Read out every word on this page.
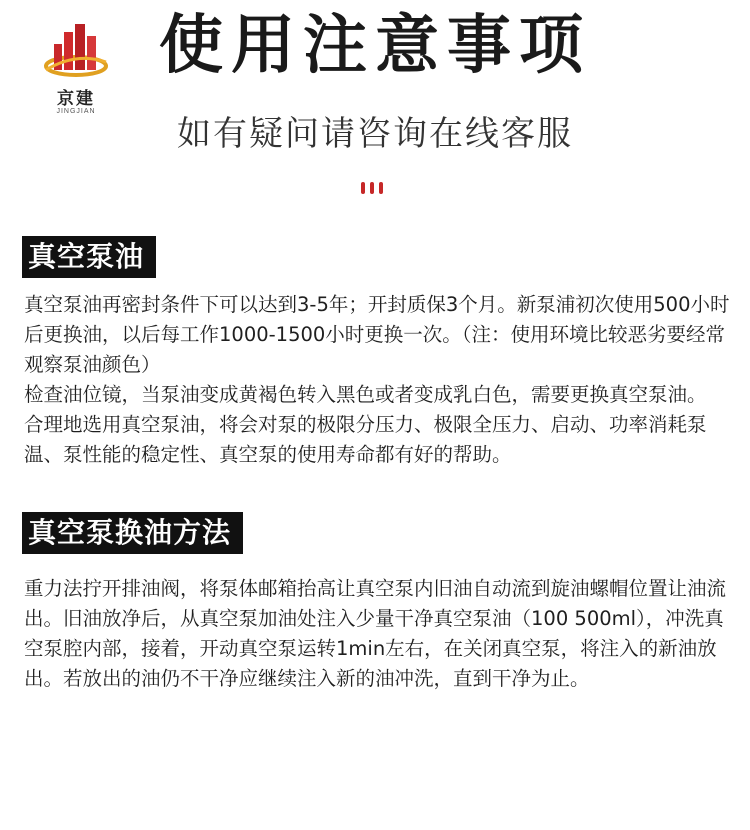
京建
JINGJIAN
使用注意事项
如有疑问请咨询在线客服
真空泵油

真空泵油再密封条件下可以达到3-5年；开封质保3个月。新泵浦初次使用500小时后更换油，以后每工作1000-1500小时更换一次。（注：使用环境比较恶劣要经常观察泵油颜色）

检查油位镜，当泵油变成黄褐色转入黑色或者变成乳白色，需要更换真空泵油。

合理地选用真空泵油，将会对泵的极限分压力、极限全压力、启动、功率消耗泵温、泵性能的稳定性、真空泵的使用寿命都有好的帮助。

真空泵换油方法

重力法拧开排油阀，将泵体邮箱抬高让真空泵内旧油自动流到旋油螺帽位置让油流出。旧油放净后，从真空泵加油处注入少量干净真空泵油（100 500ml），冲洗真空泵腔内部，接着，开动真空泵运转1min左右，在关闭真空泵，将注入的新油放出。若放出的油仍不干净应继续注入新的油冲洗，直到干净为止。
